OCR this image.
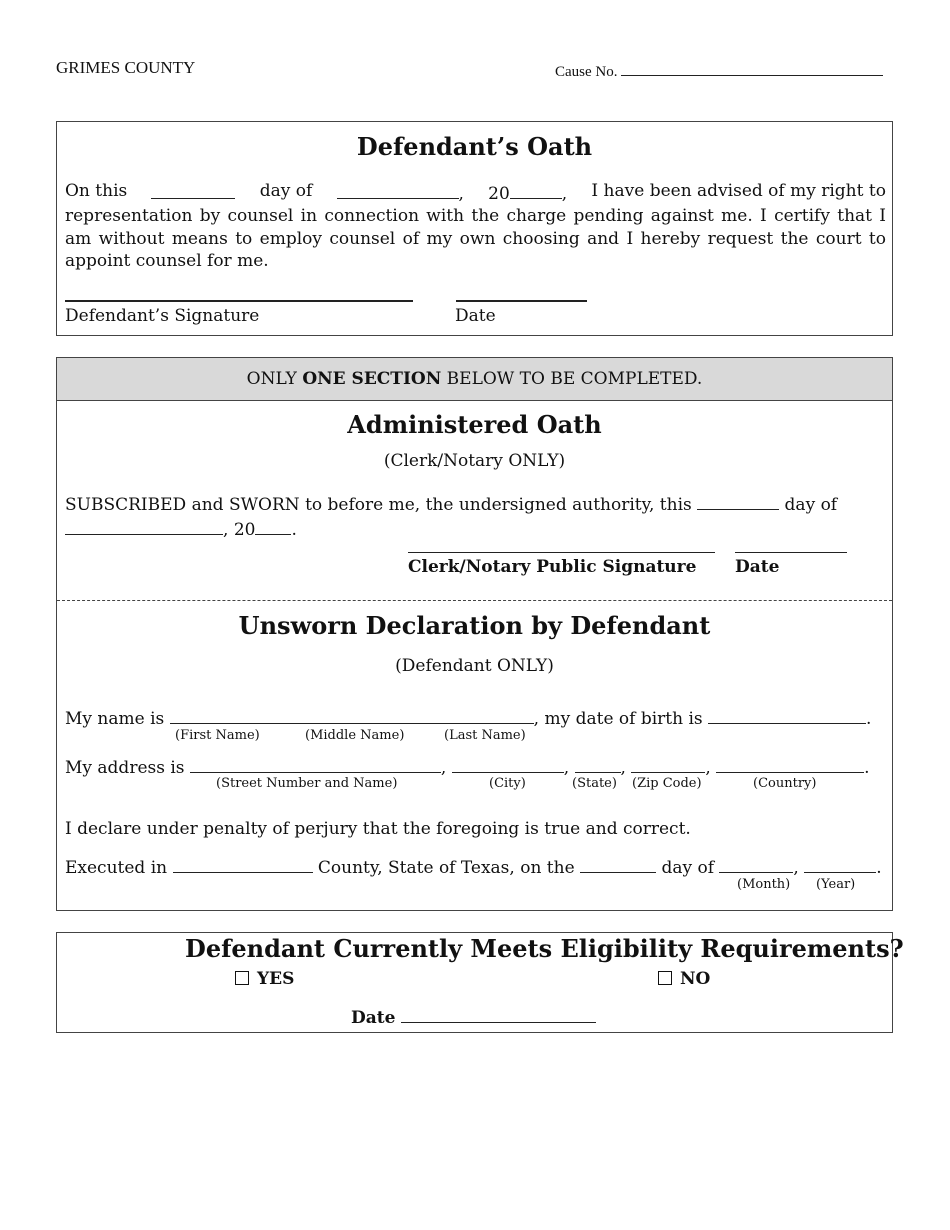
GRIMES COUNTY	Cause No.
Defendant’s Oath
On this	day of	, 20	, I have been advised of my right to
representation by counsel in connection with the charge pending against me. I certify that I am without means to employ counsel of my own choosing and I hereby request the court to appoint counsel for me.
Defendant’s Signature	Date
ONLY ONE SECTION BELOW TO BE COMPLETED.
Administered Oath
(Clerk/Notary ONLY)
SUBSCRIBED and SWORN to before me, the undersigned authority, this	day of
, 20 .
Clerk/Notary Public Signature Date
Unsworn Declaration by Defendant
(Defendant ONLY)
My name is	, my date of birth is	.
(First Name)	(Middle Name)	(Last Name)
My address is	,	,	,	,	.
(Street Number and Name)	(City)	(State) (Zip Code)	(Country)
I declare under penalty of perjury that the foregoing is true and correct.
Executed in	County, State of Texas, on the	day of	,	.
(Month) (Year)
Defendant Currently Meets Eligibility Requirements?
YES	NO
Date
